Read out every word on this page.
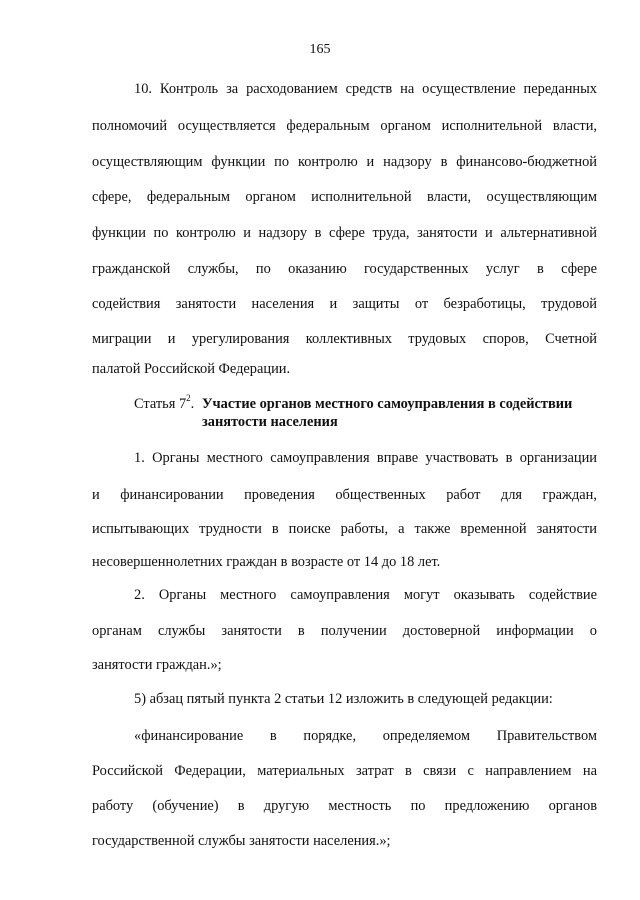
165
10. Контроль за расходованием средств на осуществление переданных
полномочий осуществляется федеральным органом исполнительной власти,
осуществляющим функции по контролю и надзору в финансово-бюджетной
сфере, федеральным органом исполнительной власти, осуществляющим
функции по контролю и надзору в сфере труда, занятости и альтернативной
гражданской службы, по оказанию государственных услуг в сфере
содействия занятости населения и защиты от безработицы, трудовой
миграции и урегулирования коллективных трудовых споров, Счетной
палатой Российской Федерации.
Статья $7^2$. Участие органов местного самоуправления в содействии занятости населения
1. Органы местного самоуправления вправе участвовать в организации
и финансировании проведения общественных работ для граждан,
испытывающих трудности в поиске работы, а также временной занятости
несовершеннолетних граждан в возрасте от 14 до 18 лет.
2. Органы местного самоуправления могут оказывать содействие
органам службы занятости в получении достоверной информации о
занятости граждан.»;
5) абзац пятый пункта 2 статьи 12 изложить в следующей редакции:
«финансирование в порядке, определяемом Правительством
Российской Федерации, материальных затрат в связи с направлением на
работу (обучение) в другую местность по предложению органов
государственной службы занятости населения.»;
